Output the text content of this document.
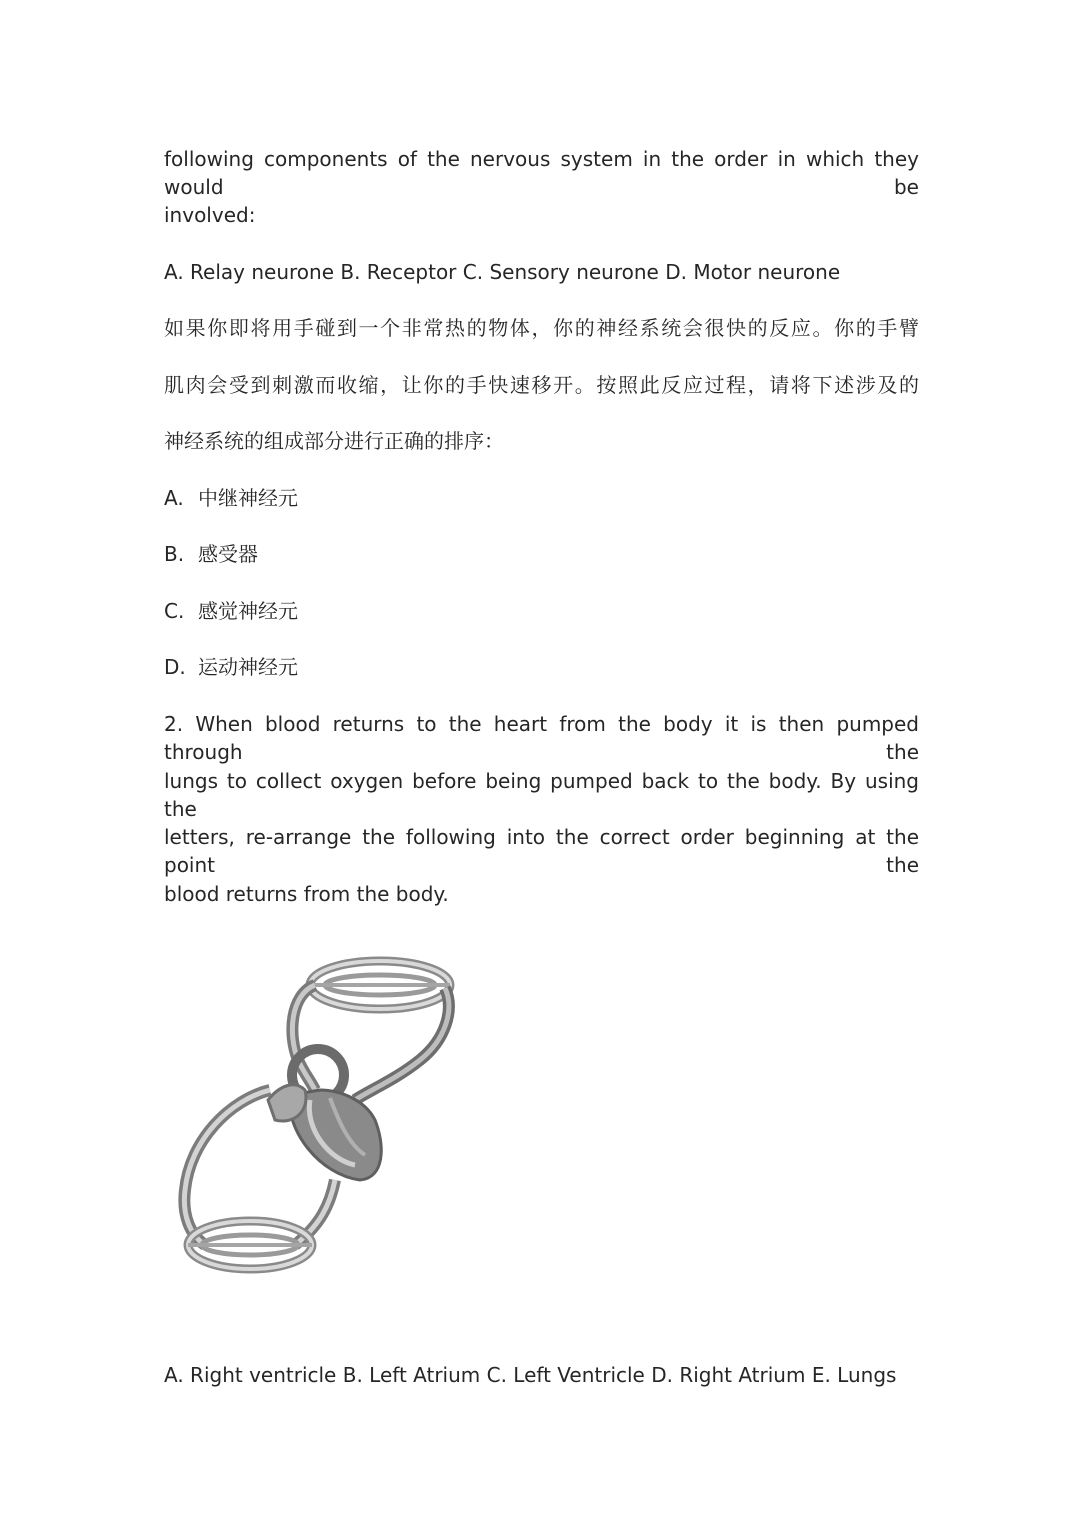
following components of the nervous system in the order in which they would be
involved:
A. Relay neurone B. Receptor C. Sensory neurone D. Motor neurone
如果你即将用手碰到一个非常热的物体，你的神经系统会很快的反应。你的手臂
肌肉会受到刺激而收缩，让你的手快速移开。按照此反应过程，请将下述涉及的
神经系统的组成部分进行正确的排序：
A. 中继神经元
B. 感受器
C. 感觉神经元
D. 运动神经元
2. When blood returns to the heart from the body it is then pumped through the
lungs to collect oxygen before being pumped back to the body. By using the
letters, re-arrange the following into the correct order beginning at the point the
blood returns from the body.
A. Right ventricle B. Left Atrium C. Left Ventricle D. Right Atrium E. Lungs
